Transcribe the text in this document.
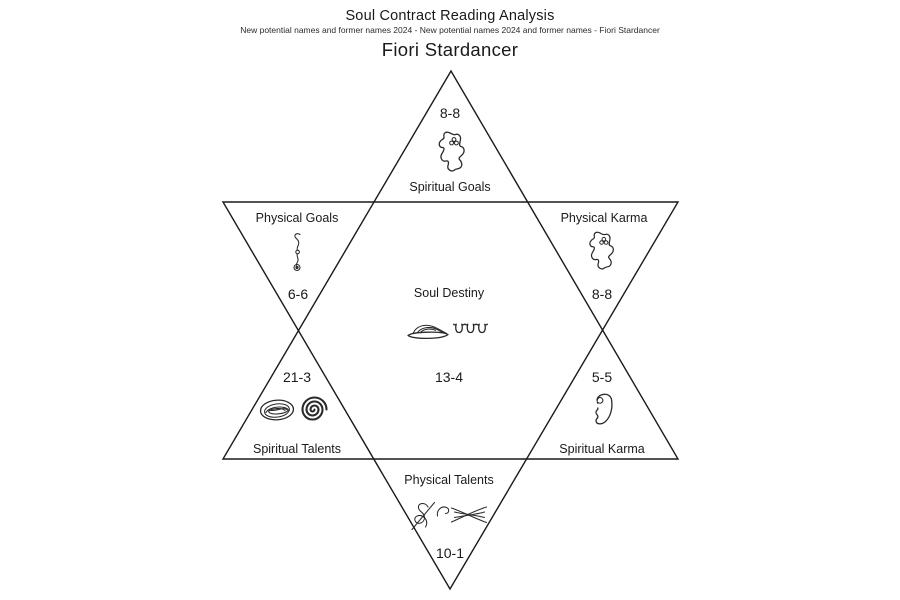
Soul Contract Reading Analysis
New potential names and former names 2024 - New potential names 2024 and former names - Fiori Stardancer
Fiori Stardancer
8-8
Spiritual Goals
Physical Goals
6-6
Physical Karma
8-8
Soul Destiny
13-4
21-3
Spiritual Talents
5-5
Spiritual Karma
Physical Talents
10-1
